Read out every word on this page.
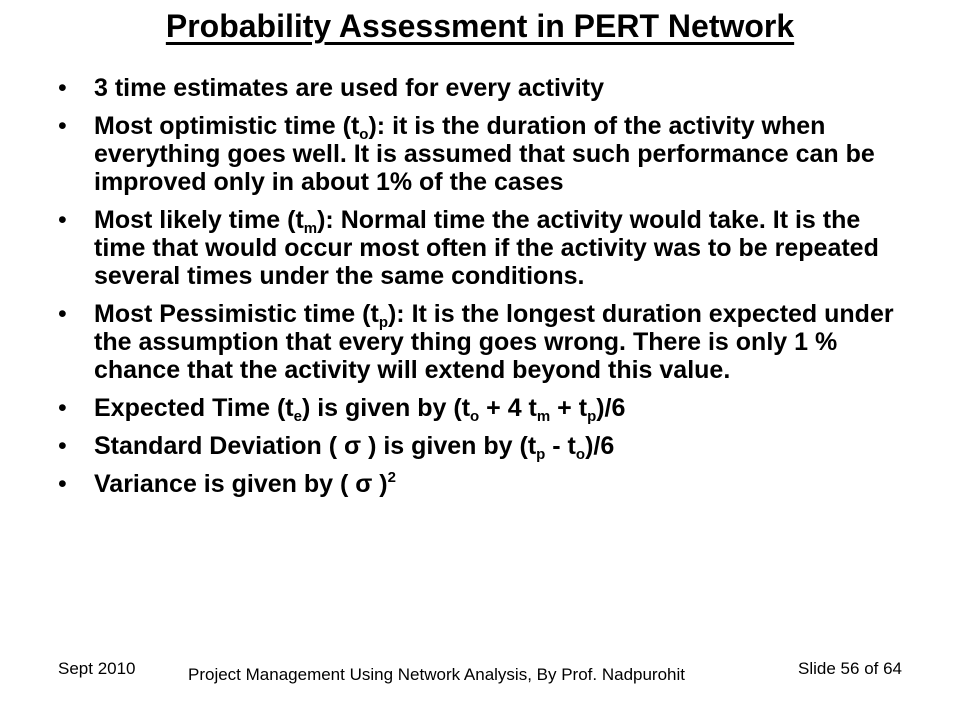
Probability Assessment in PERT Network
• 3 time estimates are used for every activity
• Most optimistic time $(t_o)$: it is the duration of the activity when everything goes well. It is assumed that such performance can be improved only in about 1% of the cases
• Most likely time $(t_m)$: Normal time the activity would take. It is the time that would occur most often if the activity was to be repeated several times under the same conditions.
• Most Pessimistic time $(t_p)$: It is the longest duration expected under the assumption that every thing goes wrong. There is only 1 % chance that the activity will extend beyond this value.
• Expected Time $(t_e)$ is given by ($t_o + 4$ $t_m + t_p)/6$
• Standard Deviation ( σ ) is given by $(t_p - t_o)/6$
• Variance is given by ( σ )$^2$
Sept 2010	Project Management Using Network Analysis, By Prof. Nadpurohit	Slide 56 of 64
